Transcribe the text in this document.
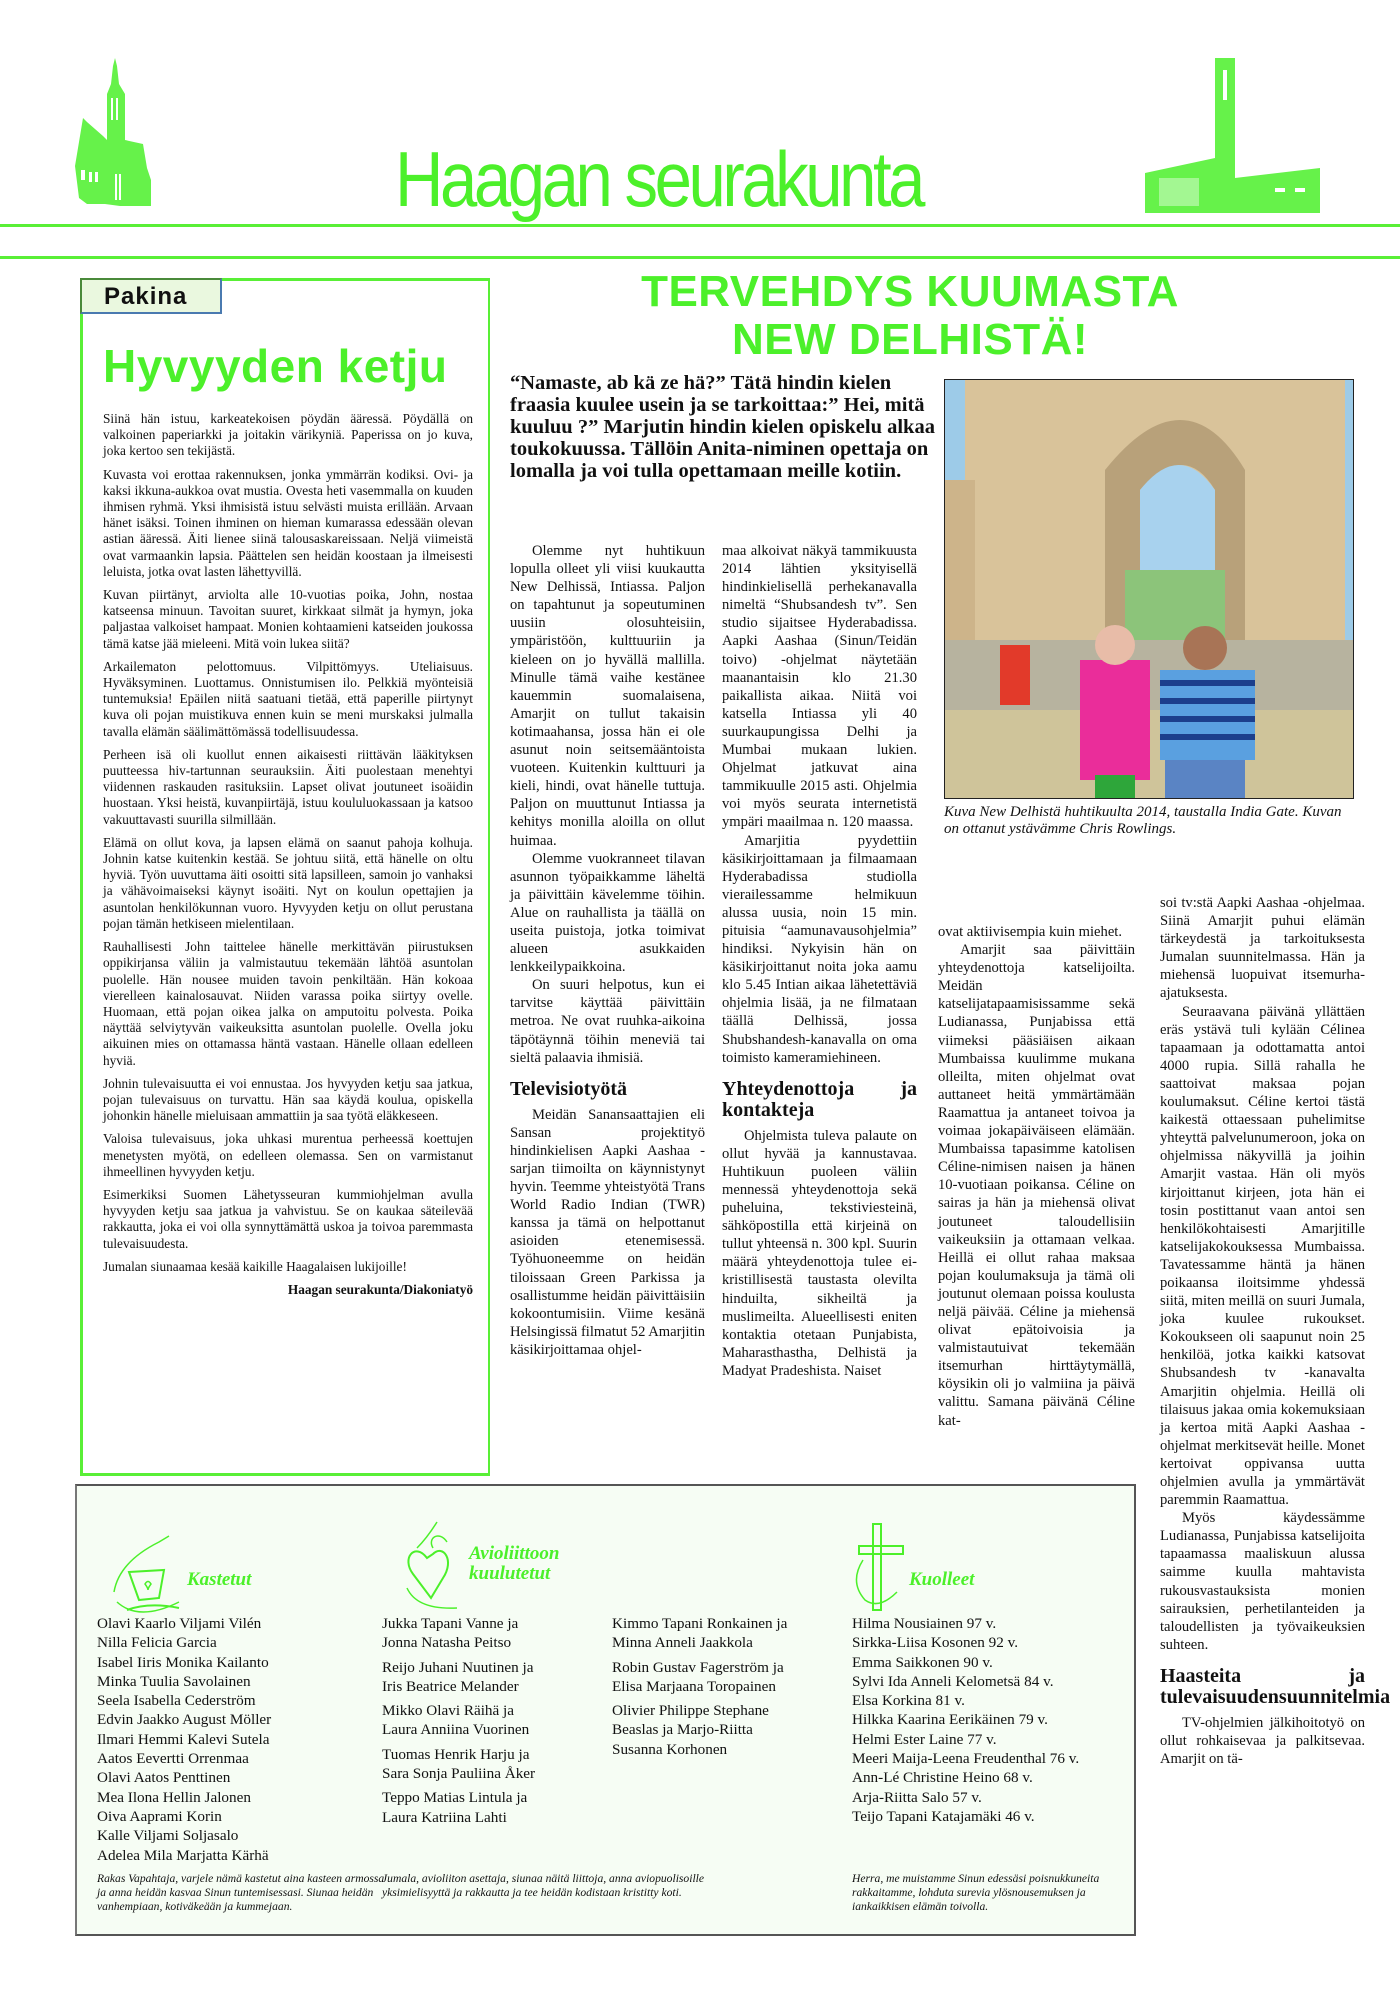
Haagan seurakunta
Pakina
Hyvyyden ketju

Siinä hän istuu, karkeatekoisen pöydän ääressä. Pöydällä on valkoinen paperiarkki ja joitakin värikyniä. Paperissa on jo kuva, joka kertoo sen tekijästä.

Kuvasta voi erottaa rakennuksen, jonka ymmärrän kodiksi. Ovi- ja kaksi ikkuna-aukkoa ovat mustia. Ovesta heti vasemmalla on kuuden ihmisen ryhmä. Yksi ihmisistä istuu selvästi muista erillään. Arvaan hänet isäksi. Toinen ihminen on hieman kumarassa edessään olevan astian ääressä. Äiti lienee siinä talousaskareissaan. Neljä viimeistä ovat varmaankin lapsia. Päättelen sen heidän koostaan ja ilmeisesti leluista, jotka ovat lasten lähettyvillä.

Kuvan piirtänyt, arviolta alle 10-vuotias poika, John, nostaa katseensa minuun. Tavoitan suuret, kirkkaat silmät ja hymyn, joka paljastaa valkoiset hampaat. Monien kohtaamieni katseiden joukossa tämä katse jää mieleeni. Mitä voin lukea siitä?

Arkailematon pelottomuus. Vilpittömyys. Uteliaisuus. Hyväksyminen. Luottamus. Onnistumisen ilo. Pelkkiä myönteisiä tuntemuksia! Epäilen niitä saatuani tietää, että paperille piirtynyt kuva oli pojan muistikuva ennen kuin se meni murskaksi julmalla tavalla elämän säälimättömässä todellisuudessa.

Perheen isä oli kuollut ennen aikaisesti riittävän lääkityksen puutteessa hiv-tartunnan seurauksiin. Äiti puolestaan menehtyi viidennen raskauden rasituksiin. Lapset olivat joutuneet isoäidin huostaan. Yksi heistä, kuvanpiirtäjä, istuu koululuokassaan ja katsoo vakuuttavasti suurilla silmillään.

Elämä on ollut kova, ja lapsen elämä on saanut pahoja kolhuja. Johnin katse kuitenkin kestää. Se johtuu siitä, että hänelle on oltu hyviä. Työn uuvuttama äiti osoitti sitä lapsilleen, samoin jo vanhaksi ja vähävoimaiseksi käynyt isoäiti. Nyt on koulun opettajien ja asuntolan henkilökunnan vuoro. Hyvyyden ketju on ollut perustana pojan tämän hetkiseen mielentilaan.

Rauhallisesti John taittelee hänelle merkittävän piirustuksen oppikirjansa väliin ja valmistautuu tekemään lähtöä asuntolan puolelle. Hän nousee muiden tavoin penkiltään. Hän kokoaa vierelleen kainalosauvat. Niiden varassa poika siirtyy ovelle. Huomaan, että pojan oikea jalka on amputoitu polvesta. Poika näyttää selviytyvän vaikeuksitta asuntolan puolelle. Ovella joku aikuinen mies on ottamassa häntä vastaan. Hänelle ollaan edelleen hyviä.

Johnin tulevaisuutta ei voi ennustaa. Jos hyvyyden ketju saa jatkua, pojan tulevaisuus on turvattu. Hän saa käydä koulua, opiskella johonkin hänelle mieluisaan ammattiin ja saa työtä eläkkeseen.

Valoisa tulevaisuus, joka uhkasi murentua perheessä koettujen menetysten myötä, on edelleen olemassa. Sen on varmistanut ihmeellinen hyvyyden ketju.

Esimerkiksi Suomen Lähetysseuran kummiohjelman avulla hyvyyden ketju saa jatkua ja vahvistuu. Se on kaukaa säteilevää rakkautta, joka ei voi olla synnyttämättä uskoa ja toivoa paremmasta tulevaisuudesta.

Jumalan siunaamaa kesää kaikille Haagalaisen lukijoille!

Haagan seurakunta/Diakoniatyö

TERVEHDYS KUUMASTA
NEW DELHISTÄ!
“Namaste, ab kä ze hä?” Tätä hindin kielen fraasia kuulee usein ja se tarkoittaa:” Hei, mitä kuuluu ?” Marjutin hindin kielen opiskelu alkaa toukokuussa. Tällöin Anita-niminen opettaja on lomalla ja voi tulla opettamaan meille kotiin.

Olemme nyt huhtikuun lopulla olleet yli viisi kuukautta New Delhissä, Intiassa. Paljon on tapahtunut ja sopeutuminen uusiin olosuhteisiin, ympäristöön, kulttuuriin ja kieleen on jo hyvällä mallilla. Minulle tämä vaihe kestänee kauemmin suomalaisena, Amarjit on tullut takaisin kotimaahansa, jossa hän ei ole asunut noin seitsemääntoista vuoteen. Kuitenkin kulttuuri ja kieli, hindi, ovat hänelle tuttuja. Paljon on muuttunut Intiassa ja kehitys monilla aloilla on ollut huimaa.

Olemme vuokranneet tilavan asunnon työpaikkamme läheltä ja päivittäin kävelemme töihin. Alue on rauhallista ja täällä on useita puistoja, jotka toimivat alueen asukkaiden lenkkeilypaikkoina.

On suuri helpotus, kun ei tarvitse käyttää päivittäin metroa. Ne ovat ruuhka-aikoina täpötäynnä töihin meneviä tai sieltä palaavia ihmisiä.

Televisiotyötä

Meidän Sanansaattajien eli Sansan projektityö hindinkielisen Aapki Aashaa -sarjan tiimoilta on käynnistynyt hyvin. Teemme yhteistyötä Trans World Radio Indian (TWR) kanssa ja tämä on helpottanut asioiden etenemisessä. Työhuoneemme on heidän tiloissaan Green Parkissa ja osallistumme heidän päivittäisiin kokoontumisiin. Viime kesänä Helsingissä filmatut 52 Amarjitin käsikirjoittamaa ohjel-

maa alkoivat näkyä tammikuusta 2014 lähtien yksityisellä hindinkielisellä perhekanavalla nimeltä “Shubsandesh tv”. Sen studio sijaitsee Hyderabadissa. Aapki Aashaa (Sinun/Teidän toivo) -ohjelmat näytetään maanantaisin klo 21.30 paikallista aikaa. Niitä voi katsella Intiassa yli 40 suurkaupungissa Delhi ja Mumbai mukaan lukien. Ohjelmat jatkuvat aina tammikuulle 2015 asti. Ohjelmia voi myös seurata internetistä ympäri maailmaa n. 120 maassa.

Amarjitia pyydettiin käsikirjoittamaan ja filmaamaan Hyderabadissa studiolla vierailessamme helmikuun alussa uusia, noin 15 min. pituisia “aamunavausohjelmia” hindiksi. Nykyisin hän on käsikirjoittanut noita joka aamu klo 5.45 Intian aikaa lähetettäviä ohjelmia lisää, ja ne filmataan täällä Delhissä, jossa Shubshandesh-kanavalla on oma toimisto kameramiehineen.

Yhteydenottoja ja kontakteja

Ohjelmista tuleva palaute on ollut hyvää ja kannustavaa. Huhtikuun puoleen väliin mennessä yhteydenottoja sekä puheluina, tekstiviesteinä, sähköpostilla että kirjeinä on tullut yhteensä n. 300 kpl. Suurin määrä yhteydenottoja tulee ei-kristillisestä taustasta olevilta hinduilta, sikheiltä ja muslimeilta. Alueellisesti eniten kontaktia otetaan Punjabista, Maharasthastha, Delhistä ja Madyat Pradeshista. Naiset

Kuva New Delhistä huhtikuulta 2014, taustalla India Gate. Kuvan on ottanut ystävämme Chris Rowlings.

ovat aktiivisempia kuin miehet.

Amarjit saa päivittäin yhteydenottoja katselijoilta. Meidän katselijatapaamisissamme sekä Ludianassa, Punjabissa että viimeksi pääsiäisen aikaan Mumbaissa kuulimme mukana olleilta, miten ohjelmat ovat auttaneet heitä ymmärtämään Raamattua ja antaneet toivoa ja voimaa jokapäiväiseen elämään. Mumbaissa tapasimme katolisen Céline-nimisen naisen ja hänen 10-vuotiaan poikansa. Céline on sairas ja hän ja miehensä olivat joutuneet taloudellisiin vaikeuksiin ja ottamaan velkaa. Heillä ei ollut rahaa maksaa pojan koulumaksuja ja tämä oli joutunut olemaan poissa koulusta neljä päivää. Céline ja miehensä olivat epätoivoisia ja valmistautuivat tekemään itsemurhan hirttäytymällä, köysikin oli jo valmiina ja päivä valittu. Samana päivänä Céline kat-

soi tv:stä Aapki Aashaa -ohjelmaa. Siinä Amarjit puhui elämän tärkeydestä ja tarkoituksesta Jumalan suunnitelmassa. Hän ja miehensä luopuivat itsemurha-ajatuksesta.

Seuraavana päivänä yllättäen eräs ystävä tuli kylään Célinea tapaamaan ja odottamatta antoi 4000 rupia. Sillä rahalla he saattoivat maksaa pojan koulumaksut. Céline kertoi tästä kaikestä ottaessaan puhelimitse yhteyttä palvelunumeroon, joka on ohjelmissa näkyvillä ja joihin Amarjit vastaa. Hän oli myös kirjoittanut kirjeen, jota hän ei tosin postittanut vaan antoi sen henkilökohtaisesti Amarjitille katselijakokouksessa Mumbaissa. Tavatessamme häntä ja hänen poikaansa iloitsimme yhdessä siitä, miten meillä on suuri Jumala, joka kuulee rukoukset. Kokoukseen oli saapunut noin 25 henkilöä, jotka kaikki katsovat Shubsandesh tv -kanavalta Amarjitin ohjelmia. Heillä oli tilaisuus jakaa omia kokemuksiaan ja kertoa mitä Aapki Aashaa -ohjelmat merkitsevät heille. Monet kertoivat oppivansa uutta ohjelmien avulla ja ymmärtävät paremmin Raamattua.

Myös käydessämme Ludianassa, Punjabissa katselijoita tapaamassa maaliskuun alussa saimme kuulla mahtavista rukousvastauksista monien sairauksien, perhetilanteiden ja taloudellisten ja työvaikeuksien suhteen.

Haasteita ja tulevaisuudensuunnitelmia

TV-ohjelmien jälkihoitotyö on ollut rohkaisevaa ja palkitsevaa. Amarjit on tä-

Kastetut
Olavi Kaarlo Viljami Vilén
Nilla Felicia Garcia
Isabel Iiris Monika Kailanto
Minka Tuulia Savolainen
Seela Isabella Cederström
Edvin Jaakko August Möller
Ilmari Hemmi Kalevi Sutela
Aatos Eevertti Orrenmaa
Olavi Aatos Penttinen
Mea Ilona Hellin Jalonen
Oiva Aaprami Korin
Kalle Viljami Soljasalo
Adelea Mila Marjatta Kärhä
Rakas Vapahtaja, varjele nämä kastetut aina kasteen armossa ja anna heidän kasvaa Sinun tuntemisessasi. Siunaa heidän vanhempiaan, kotiväkeään ja kummejaan.
Avioliittoon
kuulutetut
Jukka Tapani Vanne ja
Jonna Natasha Peitso
Reijo Juhani Nuutinen ja
Iris Beatrice Melander
Mikko Olavi Räihä ja
Laura Anniina Vuorinen
Tuomas Henrik Harju ja
Sara Sonja Pauliina Åker
Teppo Matias Lintula ja
Laura Katriina Lahti
Kimmo Tapani Ronkainen ja
Minna Anneli Jaakkola
Robin Gustav Fagerström ja
Elisa Marjaana Toropainen
Olivier Philippe Stephane
Beaslas ja Marjo-Riitta
Susanna Korhonen
Jumala, avioliiton asettaja, siunaa näitä liittoja, anna aviopuolisoille yksimielisyyttä ja rakkautta ja tee heidän kodistaan kristitty koti.
Kuolleet
Hilma Nousiainen 97 v.
Sirkka-Liisa Kosonen 92 v.
Emma Saikkonen 90 v.
Sylvi Ida Anneli Kelometsä 84 v.
Elsa Korkina 81 v.
Hilkka Kaarina Eerikäinen 79 v.
Helmi Ester Laine 77 v.
Meeri Maija-Leena Freudenthal 76 v.
Ann-Lé Christine Heino 68 v.
Arja-Riitta Salo 57 v.
Teijo Tapani Katajamäki 46 v.
Herra, me muistamme Sinun edessäsi poisnukkuneita rakkaitamme, lohduta surevia ylösnousemuksen ja iankaikkisen elämän toivolla.
